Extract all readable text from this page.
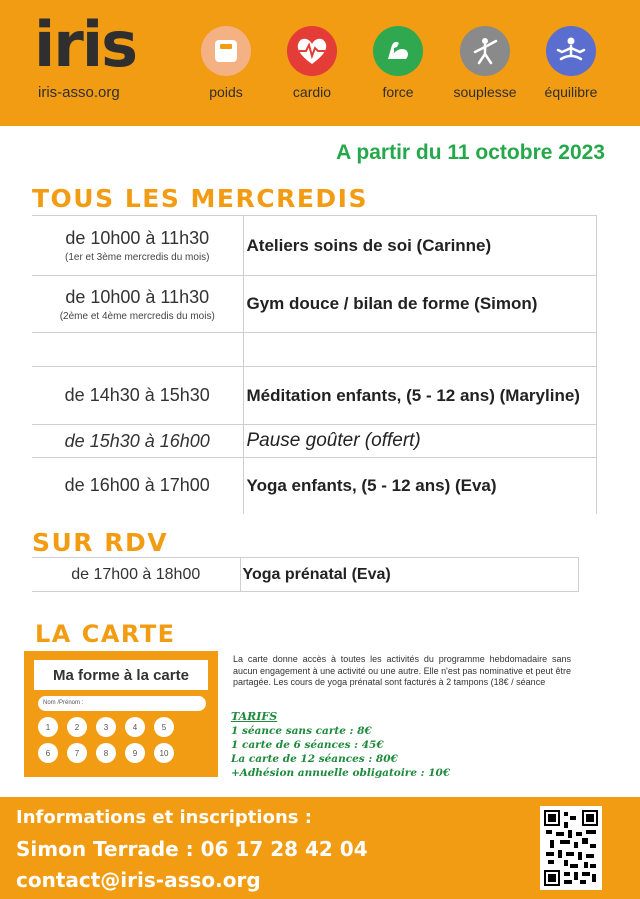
iris
iris-asso.org	poids	cardio	force	souplesse	équilibre
A partir du 11 octobre 2023
TOUS LES MERCREDIS
de 10h00 à 11h30
(1er et 3ème mercredis du mois)	Ateliers soins de soi (Carinne)
de 10h00 à 11h30
(2ème et 4ème mercredis du mois)	Gym douce / bilan de forme (Simon)

de 14h30 à 15h30	Méditation enfants, (5 - 12 ans) (Maryline)
de 15h30 à 16h00	Pause goûter (offert)
de 16h00 à 17h00	Yoga enfants, (5 - 12 ans) (Eva)
SUR RDV
de 17h00 à 18h00	Yoga prénatal (Eva)
LA CARTE
Ma forme à la carte
Nom /Prénom :
1	2	3	4	5
6	7	8	9	10
La carte donne accès à toutes les activités du programme hebdomadaire sans aucun engagement à une activité ou une autre. Elle n'est pas nominative et peut être partagée. Les cours de yoga prénatal sont facturés à 2 tampons (18€ / séance
TARIFS
1 séance sans carte : 8€
1 carte de 6 séances : 45€
La carte de 12 séances : 80€
+Adhésion annuelle obligatoire : 10€
Informations et inscriptions :
Simon Terrade : 06 17 28 42 04
contact@iris-asso.org
